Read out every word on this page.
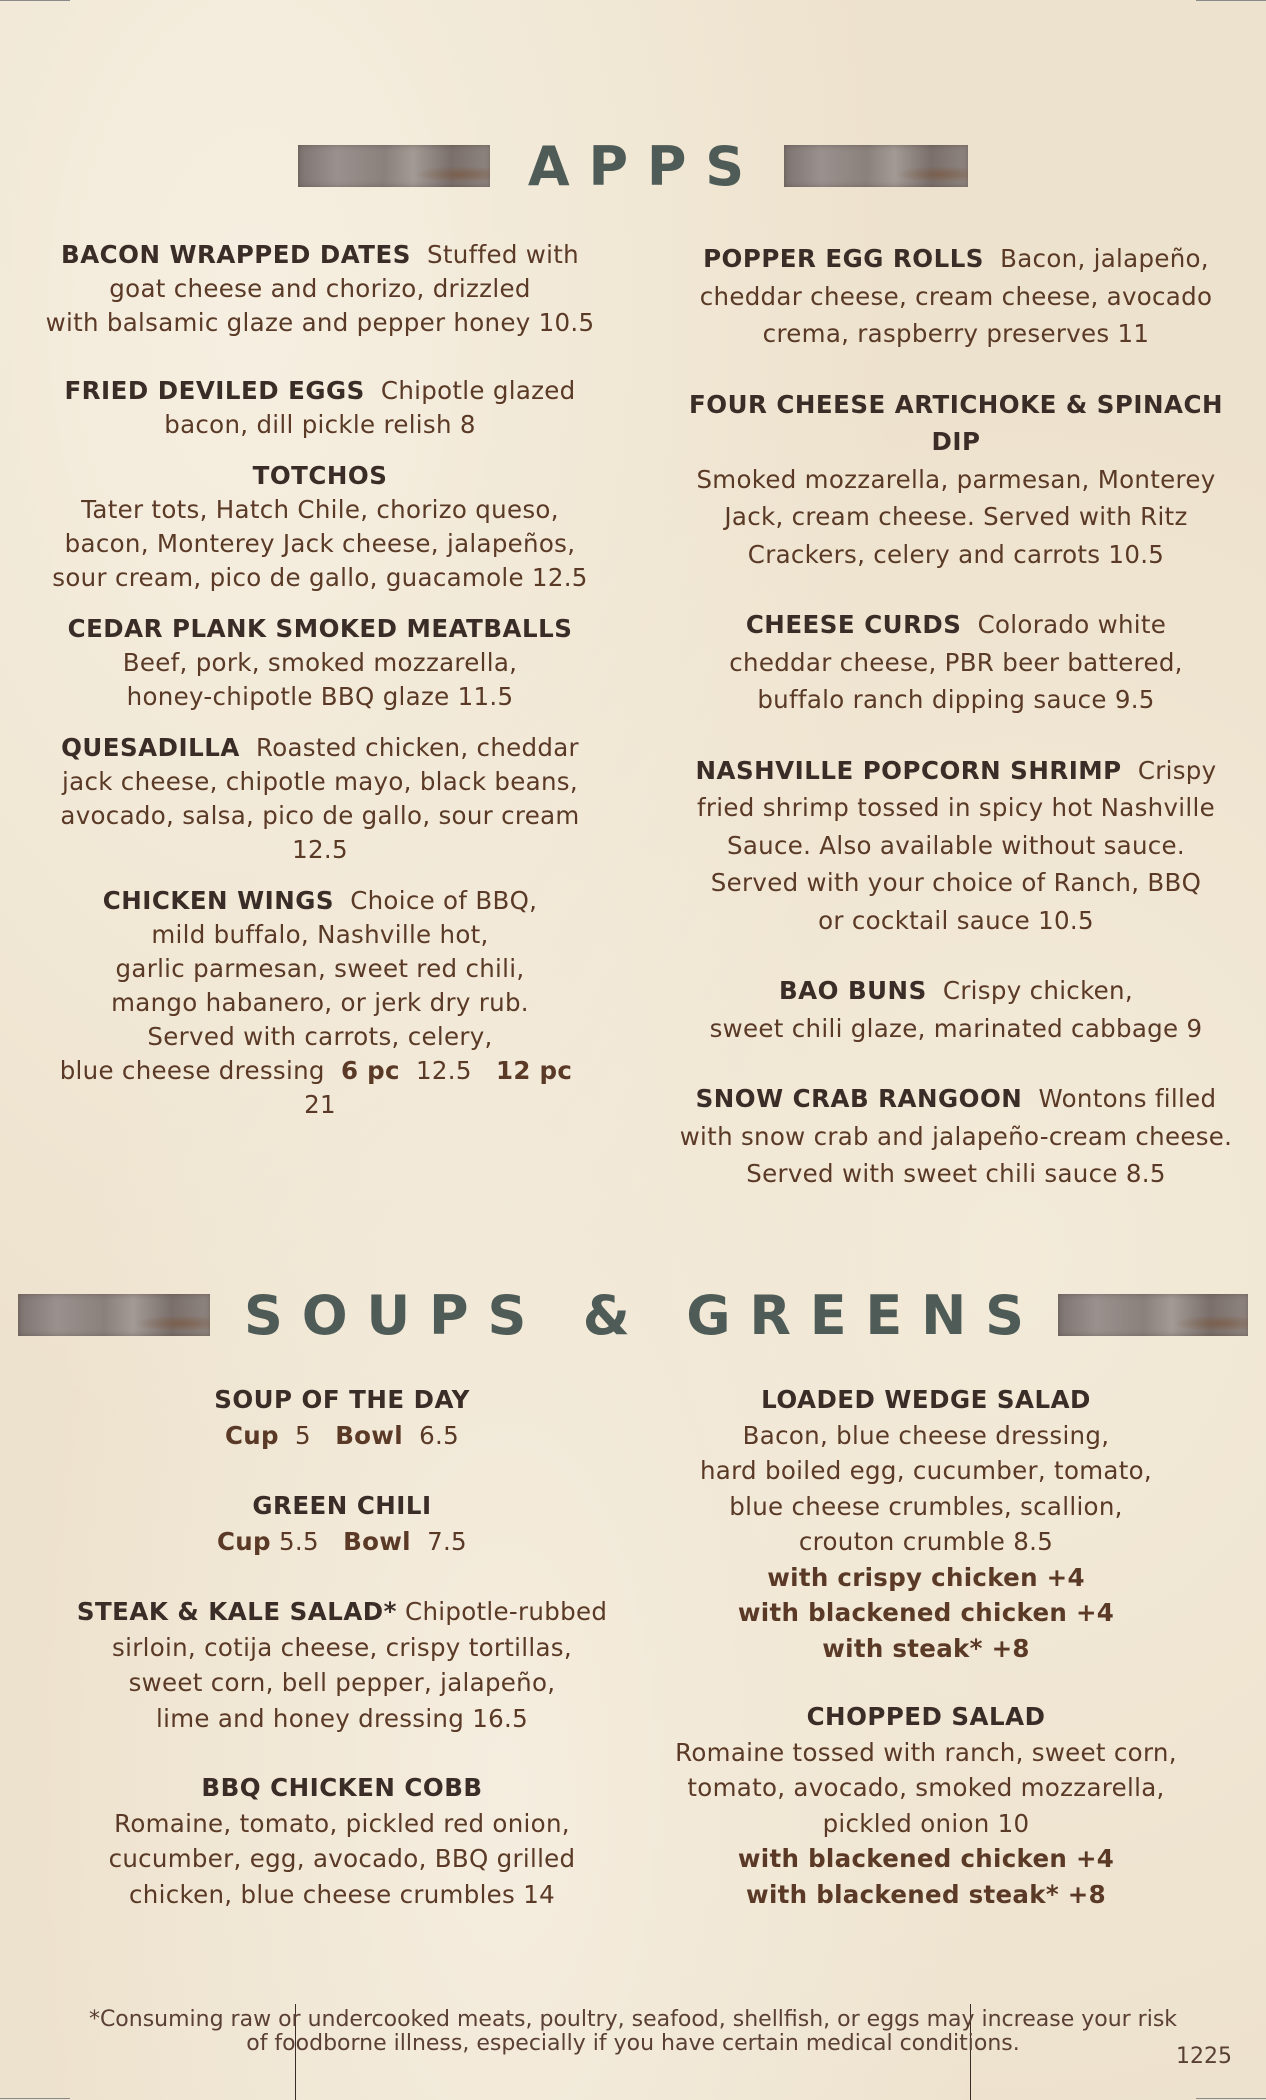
A P P S

BACON WRAPPED DATES Stuffed with
goat cheese and chorizo, drizzled
with balsamic glaze and pepper honey 10.5

FRIED DEVILED EGGS Chipotle glazed
bacon, dill pickle relish 8

TOTCHOS
Tater tots, Hatch Chile, chorizo queso,
bacon, Monterey Jack cheese, jalapeños,
sour cream, pico de gallo, guacamole 12.5

CEDAR PLANK SMOKED MEATBALLS
Beef, pork, smoked mozzarella,
honey-chipotle BBQ glaze 11.5

QUESADILLA Roasted chicken, cheddar
jack cheese, chipotle mayo, black beans,
avocado, salsa, pico de gallo, sour cream
12.5

CHICKEN WINGS Choice of BBQ,
mild buffalo, Nashville hot,
garlic parmesan, sweet red chili,
mango habanero, or jerk dry rub.
Served with carrots, celery,
blue cheese dressing 6 pc 12.5 12 pc  21

POPPER EGG ROLLS Bacon, jalapeño,
cheddar cheese, cream cheese, avocado
crema, raspberry preserves 11

FOUR CHEESE ARTICHOKE & SPINACH DIP
Smoked mozzarella, parmesan, Monterey
Jack, cream cheese. Served with Ritz
Crackers, celery and carrots 10.5

CHEESE CURDS Colorado white
cheddar cheese, PBR beer battered,
buffalo ranch dipping sauce 9.5

NASHVILLE POPCORN SHRIMP Crispy
fried shrimp tossed in spicy hot Nashville
Sauce. Also available without sauce.
Served with your choice of Ranch, BBQ
or cocktail sauce 10.5

BAO BUNS Crispy chicken,
sweet chili glaze, marinated cabbage 9

SNOW CRAB RANGOON Wontons filled
with snow crab and jalapeño-cream cheese.
Served with sweet chili sauce 8.5

S O U P S   &   G R E E N S

SOUP OF THE DAY
Cup 5 Bowl 6.5

GREEN CHILI
Cup 5.5 Bowl 7.5

STEAK & KALE SALAD* Chipotle-rubbed
sirloin, cotija cheese, crispy tortillas,
sweet corn, bell pepper, jalapeño,
lime and honey dressing 16.5

BBQ CHICKEN COBB
Romaine, tomato, pickled red onion,
cucumber, egg, avocado, BBQ grilled
chicken, blue cheese crumbles 14

LOADED WEDGE SALAD
Bacon, blue cheese dressing,
hard boiled egg, cucumber, tomato,
blue cheese crumbles, scallion,
crouton crumble 8.5
with crispy chicken +4
with blackened chicken +4
with steak* +8

CHOPPED SALAD
Romaine tossed with ranch, sweet corn,
tomato, avocado, smoked mozzarella,
pickled onion 10
with blackened chicken +4
with blackened steak* +8

*Consuming raw or undercooked meats, poultry, seafood, shellfish, or eggs may increase your risk
of foodborne illness, especially if you have certain medical conditions.
1225
